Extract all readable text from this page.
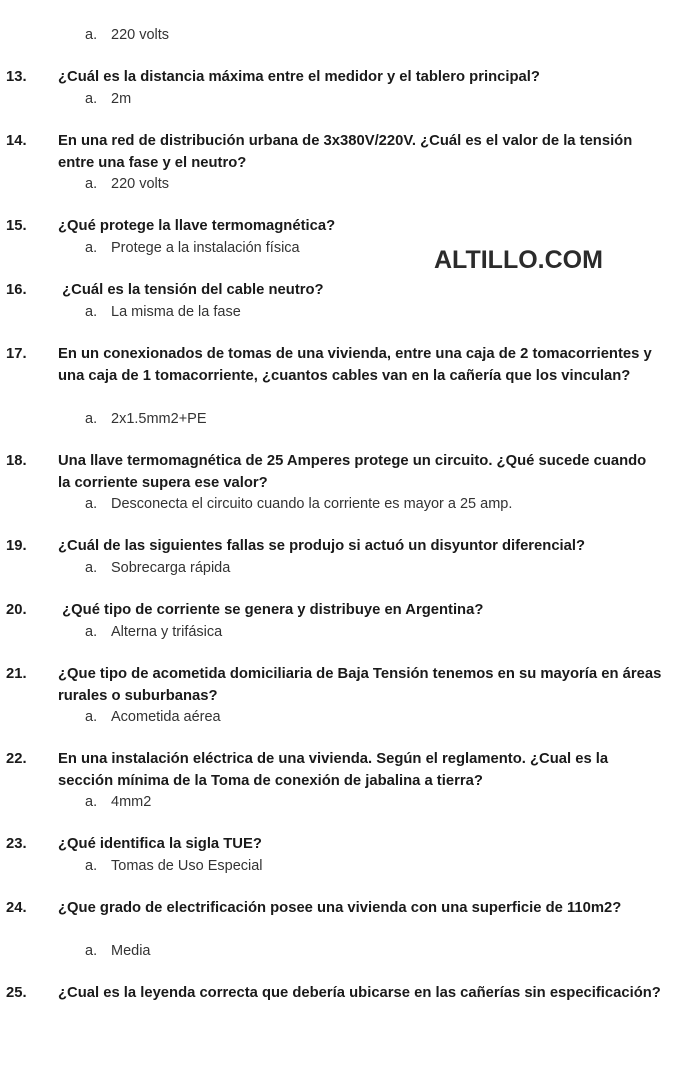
a. 220 volts
13. ¿Cuál es la distancia máxima entre el medidor y el tablero principal?
a. 2m
14. En una red de distribución urbana de 3x380V/220V. ¿Cuál es el valor de la tensión entre una fase y el neutro?
a. 220 volts
15. ¿Qué protege la llave termomagnética?
a. Protege a la instalación física	ALTILLO.COM
16. ¿Cuál es la tensión del cable neutro?
a. La misma de la fase
17. En un conexionados de tomas de una vivienda, entre una caja de 2 tomacorrientes y una caja de 1 tomacorriente, ¿cuantos cables van en la cañería que los vinculan?
a. 2x1.5mm2+PE
18. Una llave termomagnética de 25 Amperes protege un circuito. ¿Qué sucede cuando la corriente supera ese valor?
a. Desconecta el circuito cuando la corriente es mayor a 25 amp.
19. ¿Cuál de las siguientes fallas se produjo si actuó un disyuntor diferencial?
a. Sobrecarga rápida
20. ¿Qué tipo de corriente se genera y distribuye en Argentina?
a. Alterna y trifásica
21. ¿Que tipo de acometida domiciliaria de Baja Tensión tenemos en su mayoría en áreas rurales o suburbanas?
a. Acometida aérea
22. En una instalación eléctrica de una vivienda. Según el reglamento. ¿Cual es la sección mínima de la Toma de conexión de jabalina a tierra?
a. 4mm2
23. ¿Qué identifica la sigla TUE?
a. Tomas de Uso Especial
24. ¿Que grado de electrificación posee una vivienda con una superficie de 110m2?
a. Media
25. ¿Cual es la leyenda correcta que debería ubicarse en las cañerías sin especificación?
